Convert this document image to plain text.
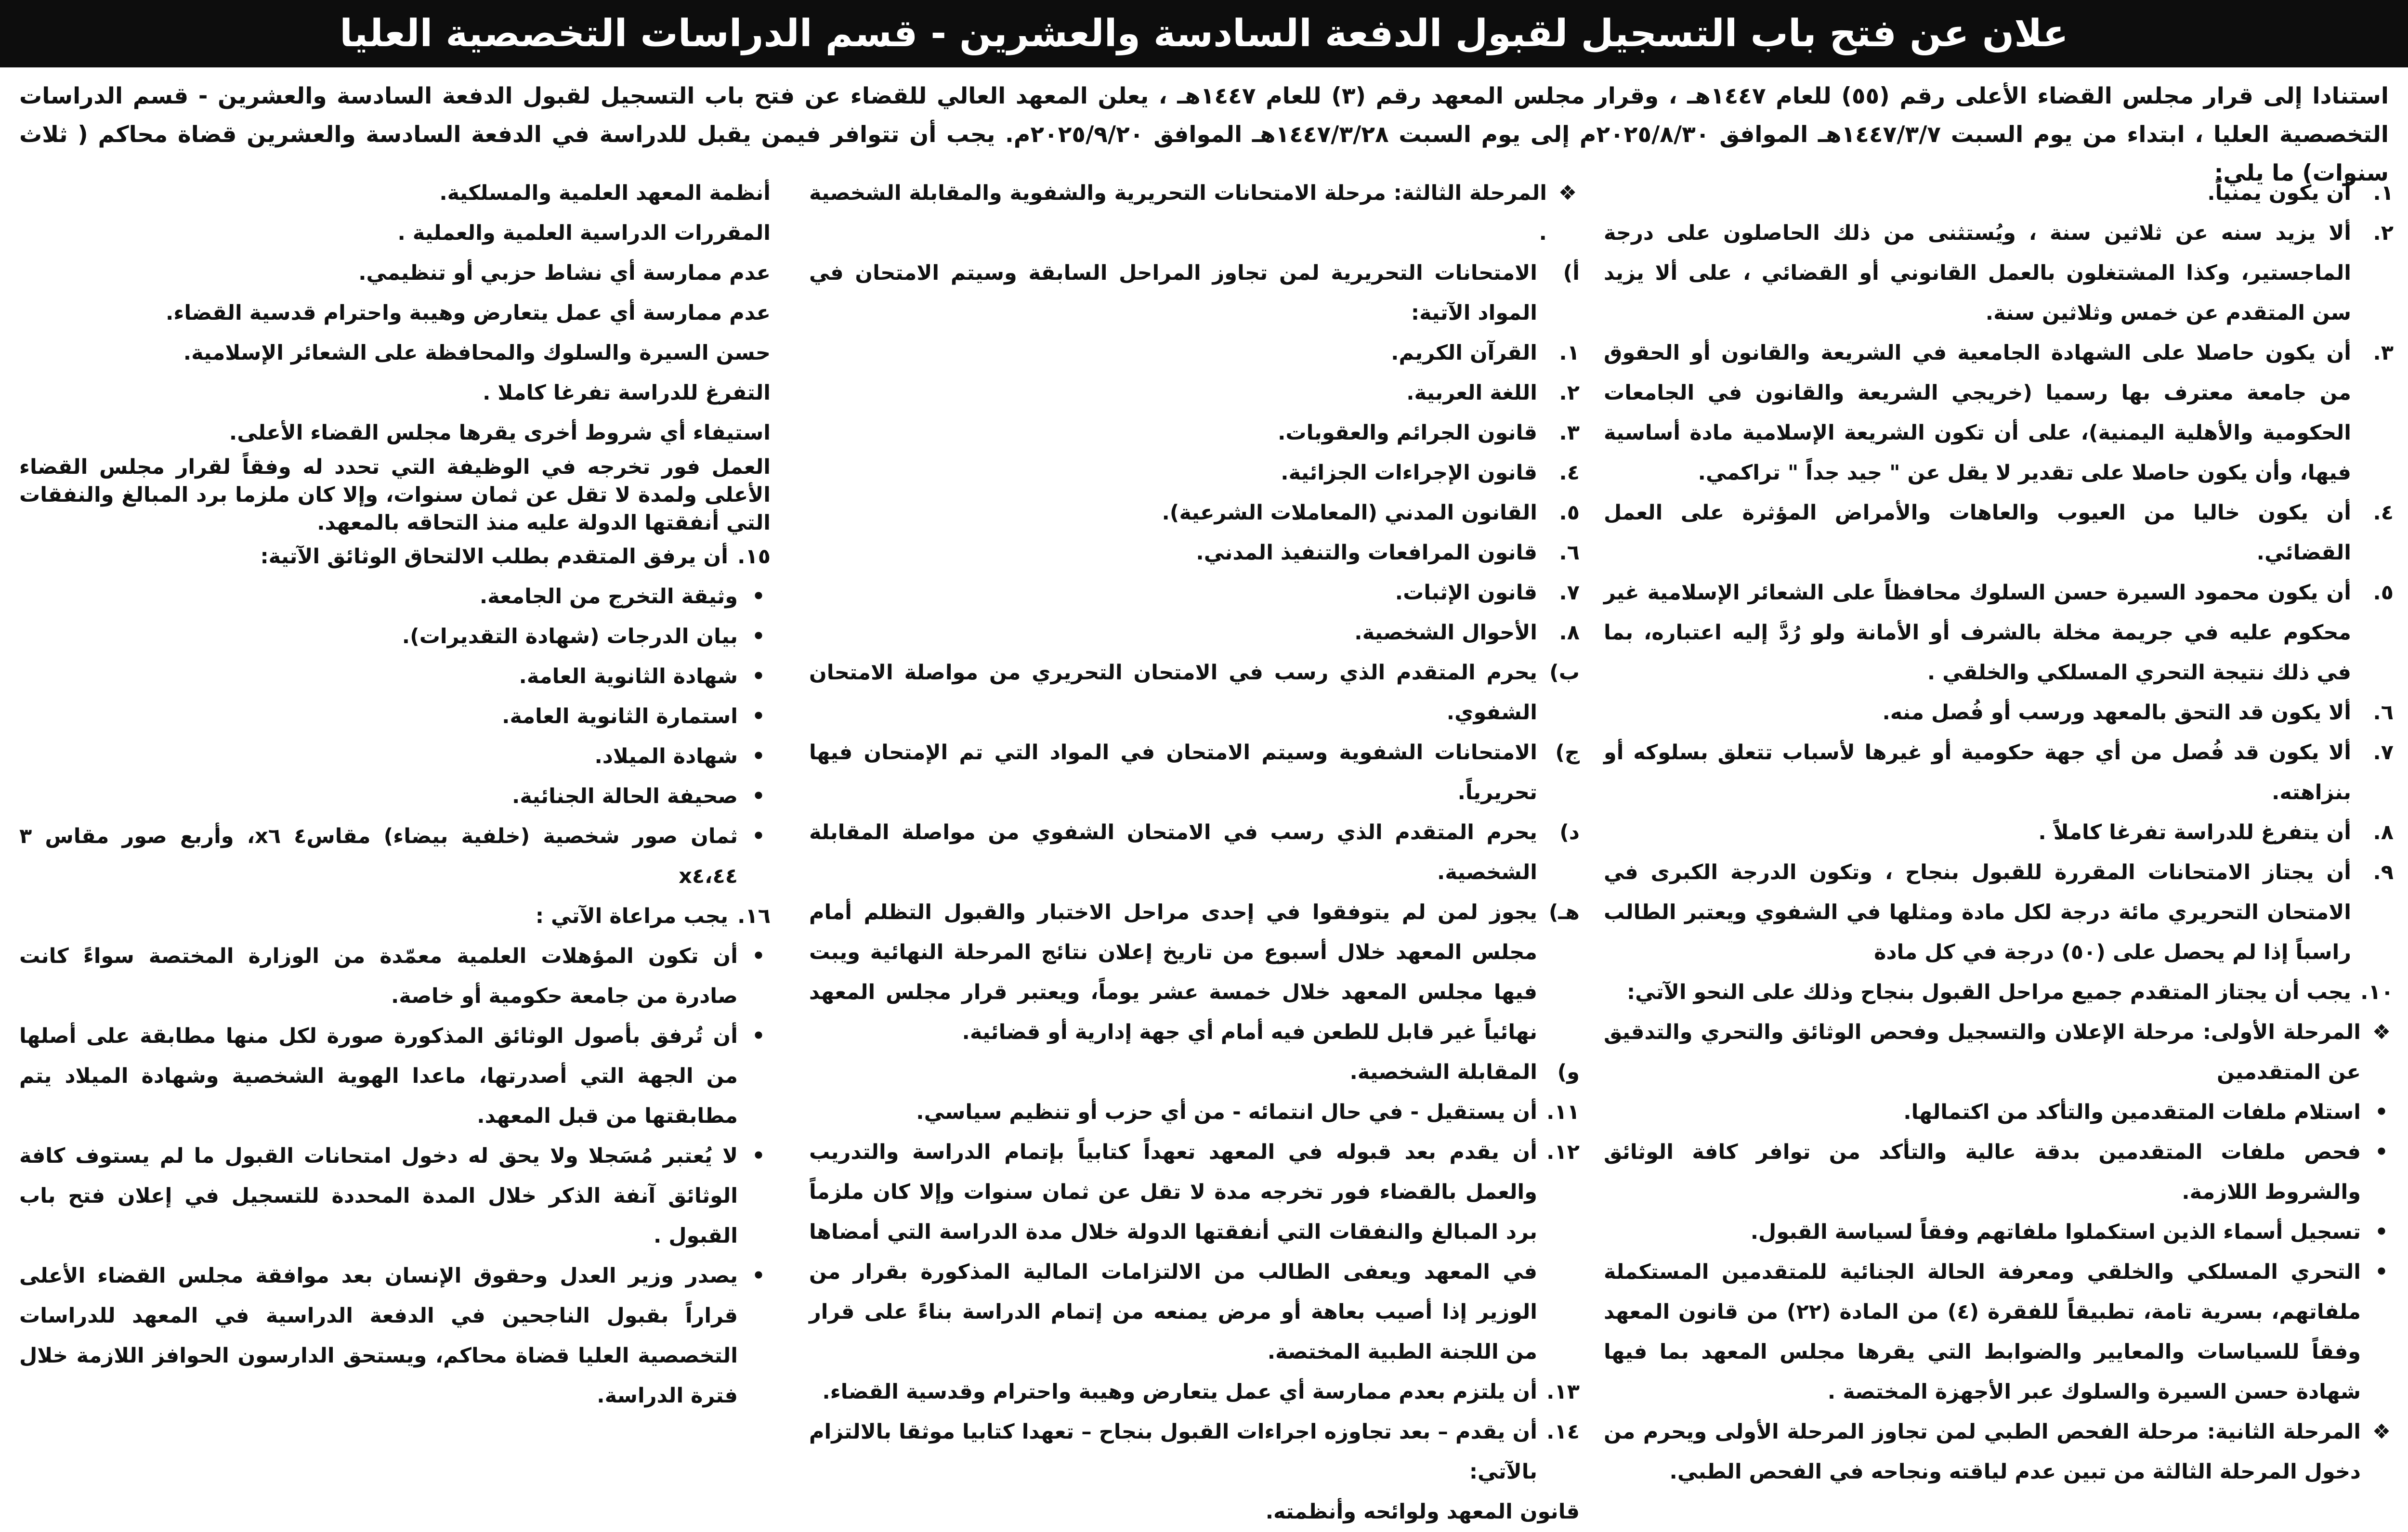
علان عن فتح باب التسجيل لقبول الدفعة السادسة والعشرين - قسم الدراسات التخصصية العليا
استنادا إلى قرار مجلس القضاء الأعلى رقم (٥٥) للعام ١٤٤٧هـ ، وقرار مجلس المعهد رقم (٣) للعام ١٤٤٧هـ ، يعلن المعهد العالي للقضاء عن فتح باب التسجيل لقبول الدفعة السادسة والعشرين - قسم الدراسات التخصصية العليا ، ابتداء من يوم السبت ١٤٤٧/٣/٧هـ الموافق ٢٠٢٥/٨/٣٠م إلى يوم السبت ١٤٤٧/٣/٢٨هـ الموافق ٢٠٢٥/٩/٢٠م. يجب أن تتوافر فيمن يقبل للدراسة في الدفعة السادسة والعشرين قضاة محاكم ( ثلاث سنوات) ما يلي:
١.
أن يكون يمنياً.
٢.
ألا يزيد سنه عن ثلاثين سنة ، ويُستثنى من ذلك الحاصلون على درجة الماجستير، وكذا المشتغلون بالعمل القانوني أو القضائي ، على ألا يزيد سن المتقدم عن خمس وثلاثين سنة.
٣.
أن يكون حاصلا على الشهادة الجامعية في الشريعة والقانون أو الحقوق من جامعة معترف بها رسميا (خريجي الشريعة والقانون في الجامعات الحكومية والأهلية اليمنية)، على أن تكون الشريعة الإسلامية مادة أساسية فيها، وأن يكون حاصلا على تقدير لا يقل عن " جيد جداً " تراكمي.
٤.
أن يكون خاليا من العيوب والعاهات والأمراض المؤثرة على العمل القضائي.
٥.
أن يكون محمود السيرة حسن السلوك محافظاً على الشعائر الإسلامية غير محكوم عليه في جريمة مخلة بالشرف أو الأمانة ولو رُدَّ إليه اعتباره، بما في ذلك نتيجة التحري المسلكي والخلقي .
٦.
ألا يكون قد التحق بالمعهد ورسب أو فُصل منه.
٧.
ألا يكون قد فُصل من أي جهة حكومية أو غيرها لأسباب تتعلق بسلوكه أو بنزاهته.
٨.
أن يتفرغ للدراسة تفرغا كاملاً .
٩.
أن يجتاز الامتحانات المقررة للقبول بنجاح ، وتكون الدرجة الكبرى في الامتحان التحريري مائة درجة لكل مادة ومثلها في الشفوي ويعتبر الطالب راسباً إذا لم يحصل على (٥٠) درجة في كل مادة
١٠.
يجب أن يجتاز المتقدم جميع مراحل القبول بنجاح وذلك على النحو الآتي:
❖
المرحلة الأولى: مرحلة الإعلان والتسجيل وفحص الوثائق والتحري والتدقيق عن المتقدمين
•
استلام ملفات المتقدمين والتأكد من اكتمالها.
•
فحص ملفات المتقدمين بدقة عالية والتأكد من توافر كافة الوثائق والشروط اللازمة.
•
تسجيل أسماء الذين استكملوا ملفاتهم وفقاً لسياسة القبول.
•
التحري المسلكي والخلقي ومعرفة الحالة الجنائية للمتقدمين المستكملة ملفاتهم، بسرية تامة، تطبيقاً للفقرة (٤) من المادة (٢٢) من قانون المعهد وفقاً للسياسات والمعايير والضوابط التي يقرها مجلس المعهد بما فيها شهادة حسن السيرة والسلوك عبر الأجهزة المختصة .
❖
المرحلة الثانية: مرحلة الفحص الطبي لمن تجاوز المرحلة الأولى ويحرم من دخول المرحلة الثالثة من تبين عدم لياقته ونجاحه في الفحص الطبي.
❖
المرحلة الثالثة: مرحلة الامتحانات التحريرية والشفوية والمقابلة الشخصية .
أ)
الامتحانات التحريرية لمن تجاوز المراحل السابقة وسيتم الامتحان في المواد الآتية:
١.
القرآن الكريم.
٢.
اللغة العربية.
٣.
قانون الجرائم والعقوبات.
٤.
قانون الإجراءات الجزائية.
٥.
القانون المدني (المعاملات الشرعية).
٦.
قانون المرافعات والتنفيذ المدني.
٧.
قانون الإثبات.
٨.
الأحوال الشخصية.
ب)
يحرم المتقدم الذي رسب في الامتحان التحريري من مواصلة الامتحان الشفوي.
ج)
الامتحانات الشفوية وسيتم الامتحان في المواد التي تم الإمتحان فيها تحريرياً.
د)
يحرم المتقدم الذي رسب في الامتحان الشفوي من مواصلة المقابلة الشخصية.
هـ)
يجوز لمن لم يتوفقوا في إحدى مراحل الاختبار والقبول التظلم أمام مجلس المعهد خلال أسبوع من تاريخ إعلان نتائج المرحلة النهائية ويبت فيها مجلس المعهد خلال خمسة عشر يوماً، ويعتبر قرار مجلس المعهد نهائياً غير قابل للطعن فيه أمام أي جهة إدارية أو قضائية.
و)
المقابلة الشخصية.
١١.
أن يستقيل - في حال انتمائه - من أي حزب أو تنظيم سياسي.
١٢.
أن يقدم بعد قبوله في المعهد تعهداً كتابياً بإتمام الدراسة والتدريب والعمل بالقضاء فور تخرجه مدة لا تقل عن ثمان سنوات وإلا كان ملزماً برد المبالغ والنفقات التي أنفقتها الدولة خلال مدة الدراسة التي أمضاها في المعهد ويعفى الطالب من الالتزامات المالية المذكورة بقرار من الوزير إذا أصيب بعاهة أو مرض يمنعه من إتمام الدراسة بناءً على قرار من اللجنة الطبية المختصة.
١٣.
أن يلتزم بعدم ممارسة أي عمل يتعارض وهيبة واحترام وقدسية القضاء.
١٤.
أن يقدم – بعد تجاوزه اجراءات القبول بنجاح – تعهدا كتابيا موثقا بالالتزام بالآتي:
قانون المعهد ولوائحه وأنظمته.
أنظمة المعهد العلمية والمسلكية.
المقررات الدراسية العلمية والعملية .
عدم ممارسة أي نشاط حزبي أو تنظيمي.
عدم ممارسة أي عمل يتعارض وهيبة واحترام قدسية القضاء.
حسن السيرة والسلوك والمحافظة على الشعائر الإسلامية.
التفرغ للدراسة تفرغا كاملا .
استيفاء أي شروط أخرى يقرها مجلس القضاء الأعلى.
العمل فور تخرجه في الوظيفة التي تحدد له وفقاً لقرار مجلس القضاء الأعلى ولمدة لا تقل عن ثمان سنوات، وإلا كان ملزما برد المبالغ والنفقات التي أنفقتها الدولة عليه منذ التحاقه بالمعهد.
١٥.
أن يرفق المتقدم بطلب الالتحاق الوثائق الآتية:
•
وثيقة التخرج من الجامعة.
•
بيان الدرجات (شهادة التقديرات).
•
شهادة الثانوية العامة.
•
استمارة الثانوية العامة.
•
شهادة الميلاد.
•
صحيفة الحالة الجنائية.
•
ثمان صور شخصية (خلفية بيضاء) مقاس٤ x٦، وأربع صور مقاس ٣ x٤،٤٤
١٦.
يجب مراعاة الآتي :
•
أن تكون المؤهلات العلمية معمّدة من الوزارة المختصة سواءً كانت صادرة من جامعة حكومية أو خاصة.
•
أن تُرفق بأصول الوثائق المذكورة صورة لكل منها مطابقة على أصلها من الجهة التي أصدرتها، ماعدا الهوية الشخصية وشهادة الميلاد يتم مطابقتها من قبل المعهد.
•
لا يُعتبر مُسَجلا ولا يحق له دخول امتحانات القبول ما لم يستوف كافة الوثائق آنفة الذكر خلال المدة المحددة للتسجيل في إعلان فتح باب القبول .
•
يصدر وزير العدل وحقوق الإنسان بعد موافقة مجلس القضاء الأعلى قراراً بقبول الناجحين في الدفعة الدراسية في المعهد للدراسات التخصصية العليا قضاة محاكم، ويستحق الدارسون الحوافز اللازمة خلال فترة الدراسة.
